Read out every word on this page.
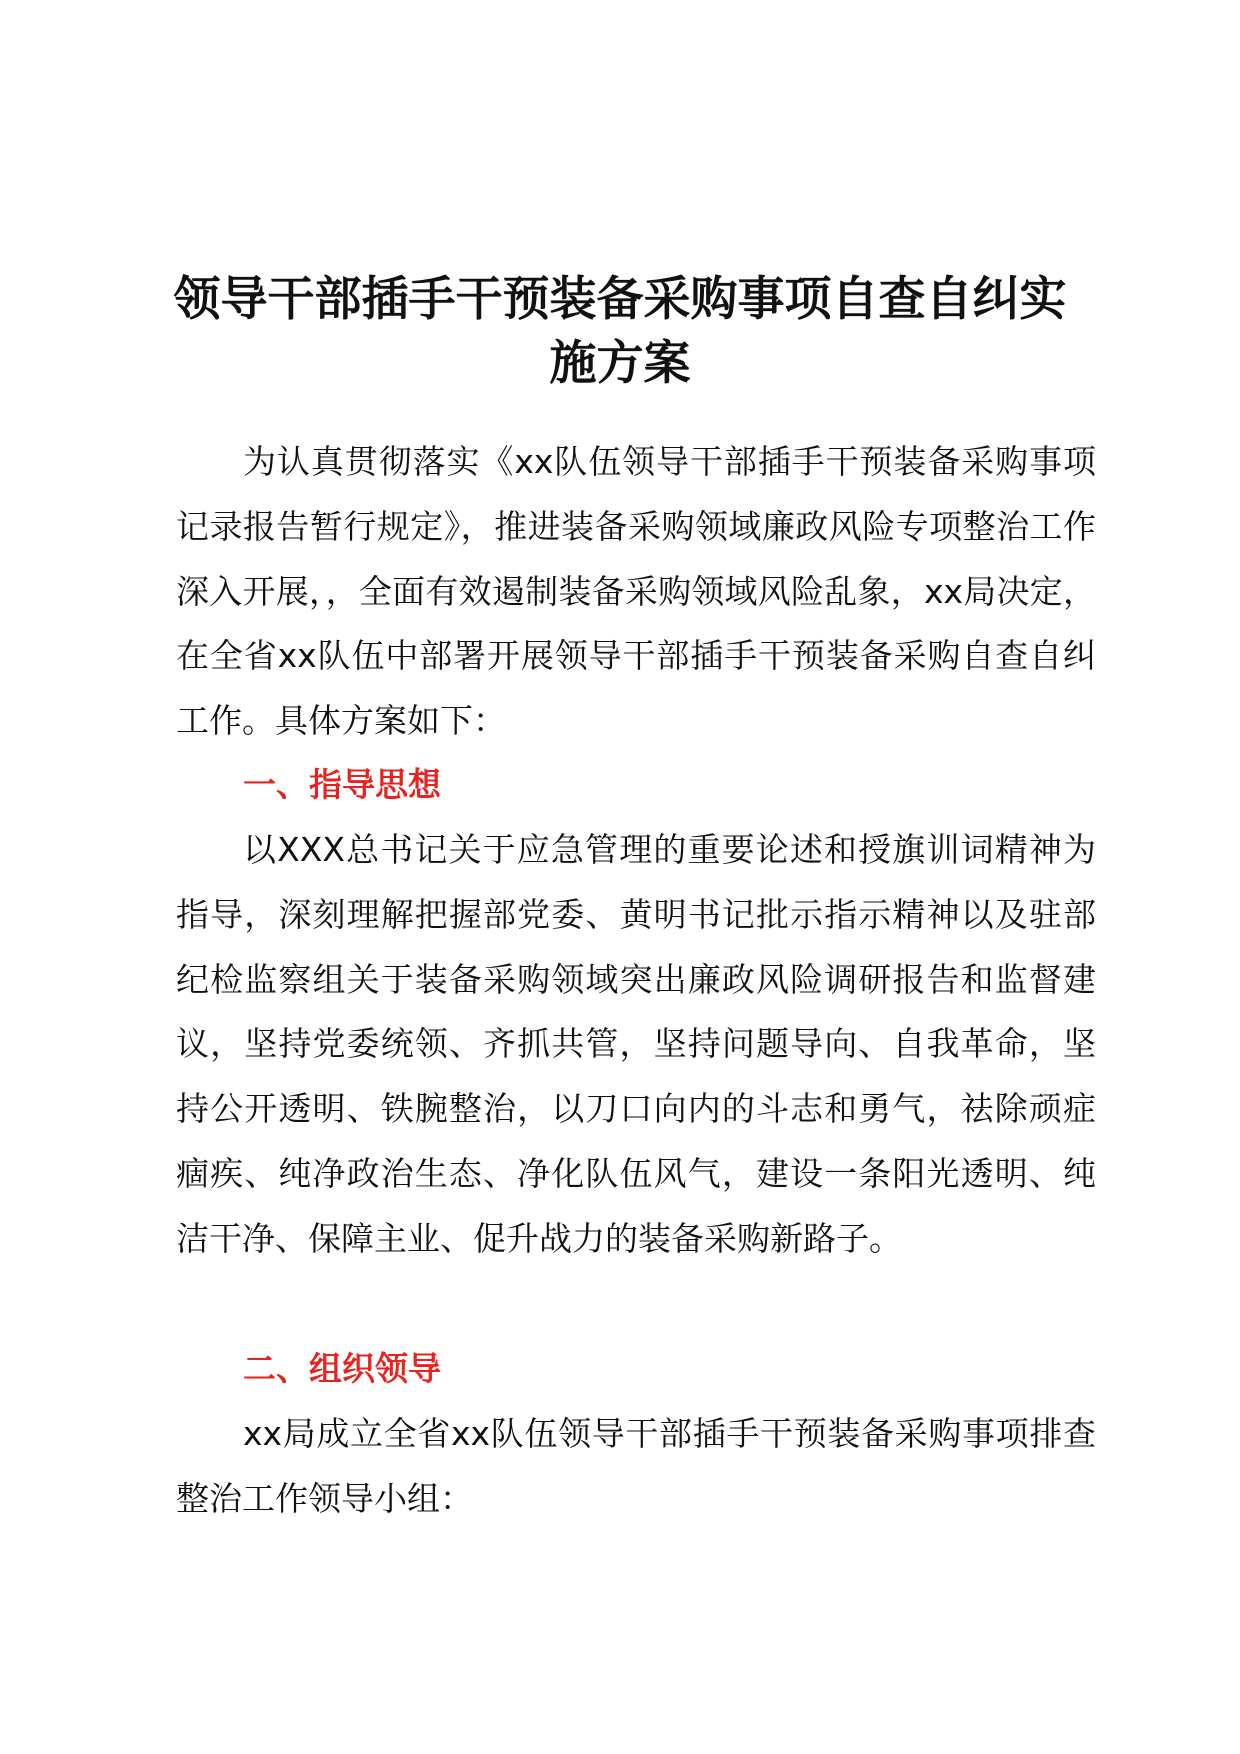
领导干部插手干预装备采购事项自查自纠实
施方案

为认真贯彻落实《xx队伍领导干部插手干预装备采购事项记录报告暂行规定》，推进装备采购领域廉政风险专项整治工作深入开展，，全面有效遏制装备采购领域风险乱象，xx局决定，在全省xx队伍中部署开展领导干部插手干预装备采购自查自纠工作。具体方案如下：

一、指导思想

以XXX总书记关于应急管理的重要论述和授旗训词精神为指导，深刻理解把握部党委、黄明书记批示指示精神以及驻部纪检监察组关于装备采购领域突出廉政风险调研报告和监督建议，坚持党委统领、齐抓共管，坚持问题导向、自我革命，坚持公开透明、铁腕整治，以刀口向内的斗志和勇气，祛除顽症痼疾、纯净政治生态、净化队伍风气，建设一条阳光透明、纯洁干净、保障主业、促升战力的装备采购新路子。

二、组织领导

xx局成立全省xx队伍领导干部插手干预装备采购事项排查整治工作领导小组：
